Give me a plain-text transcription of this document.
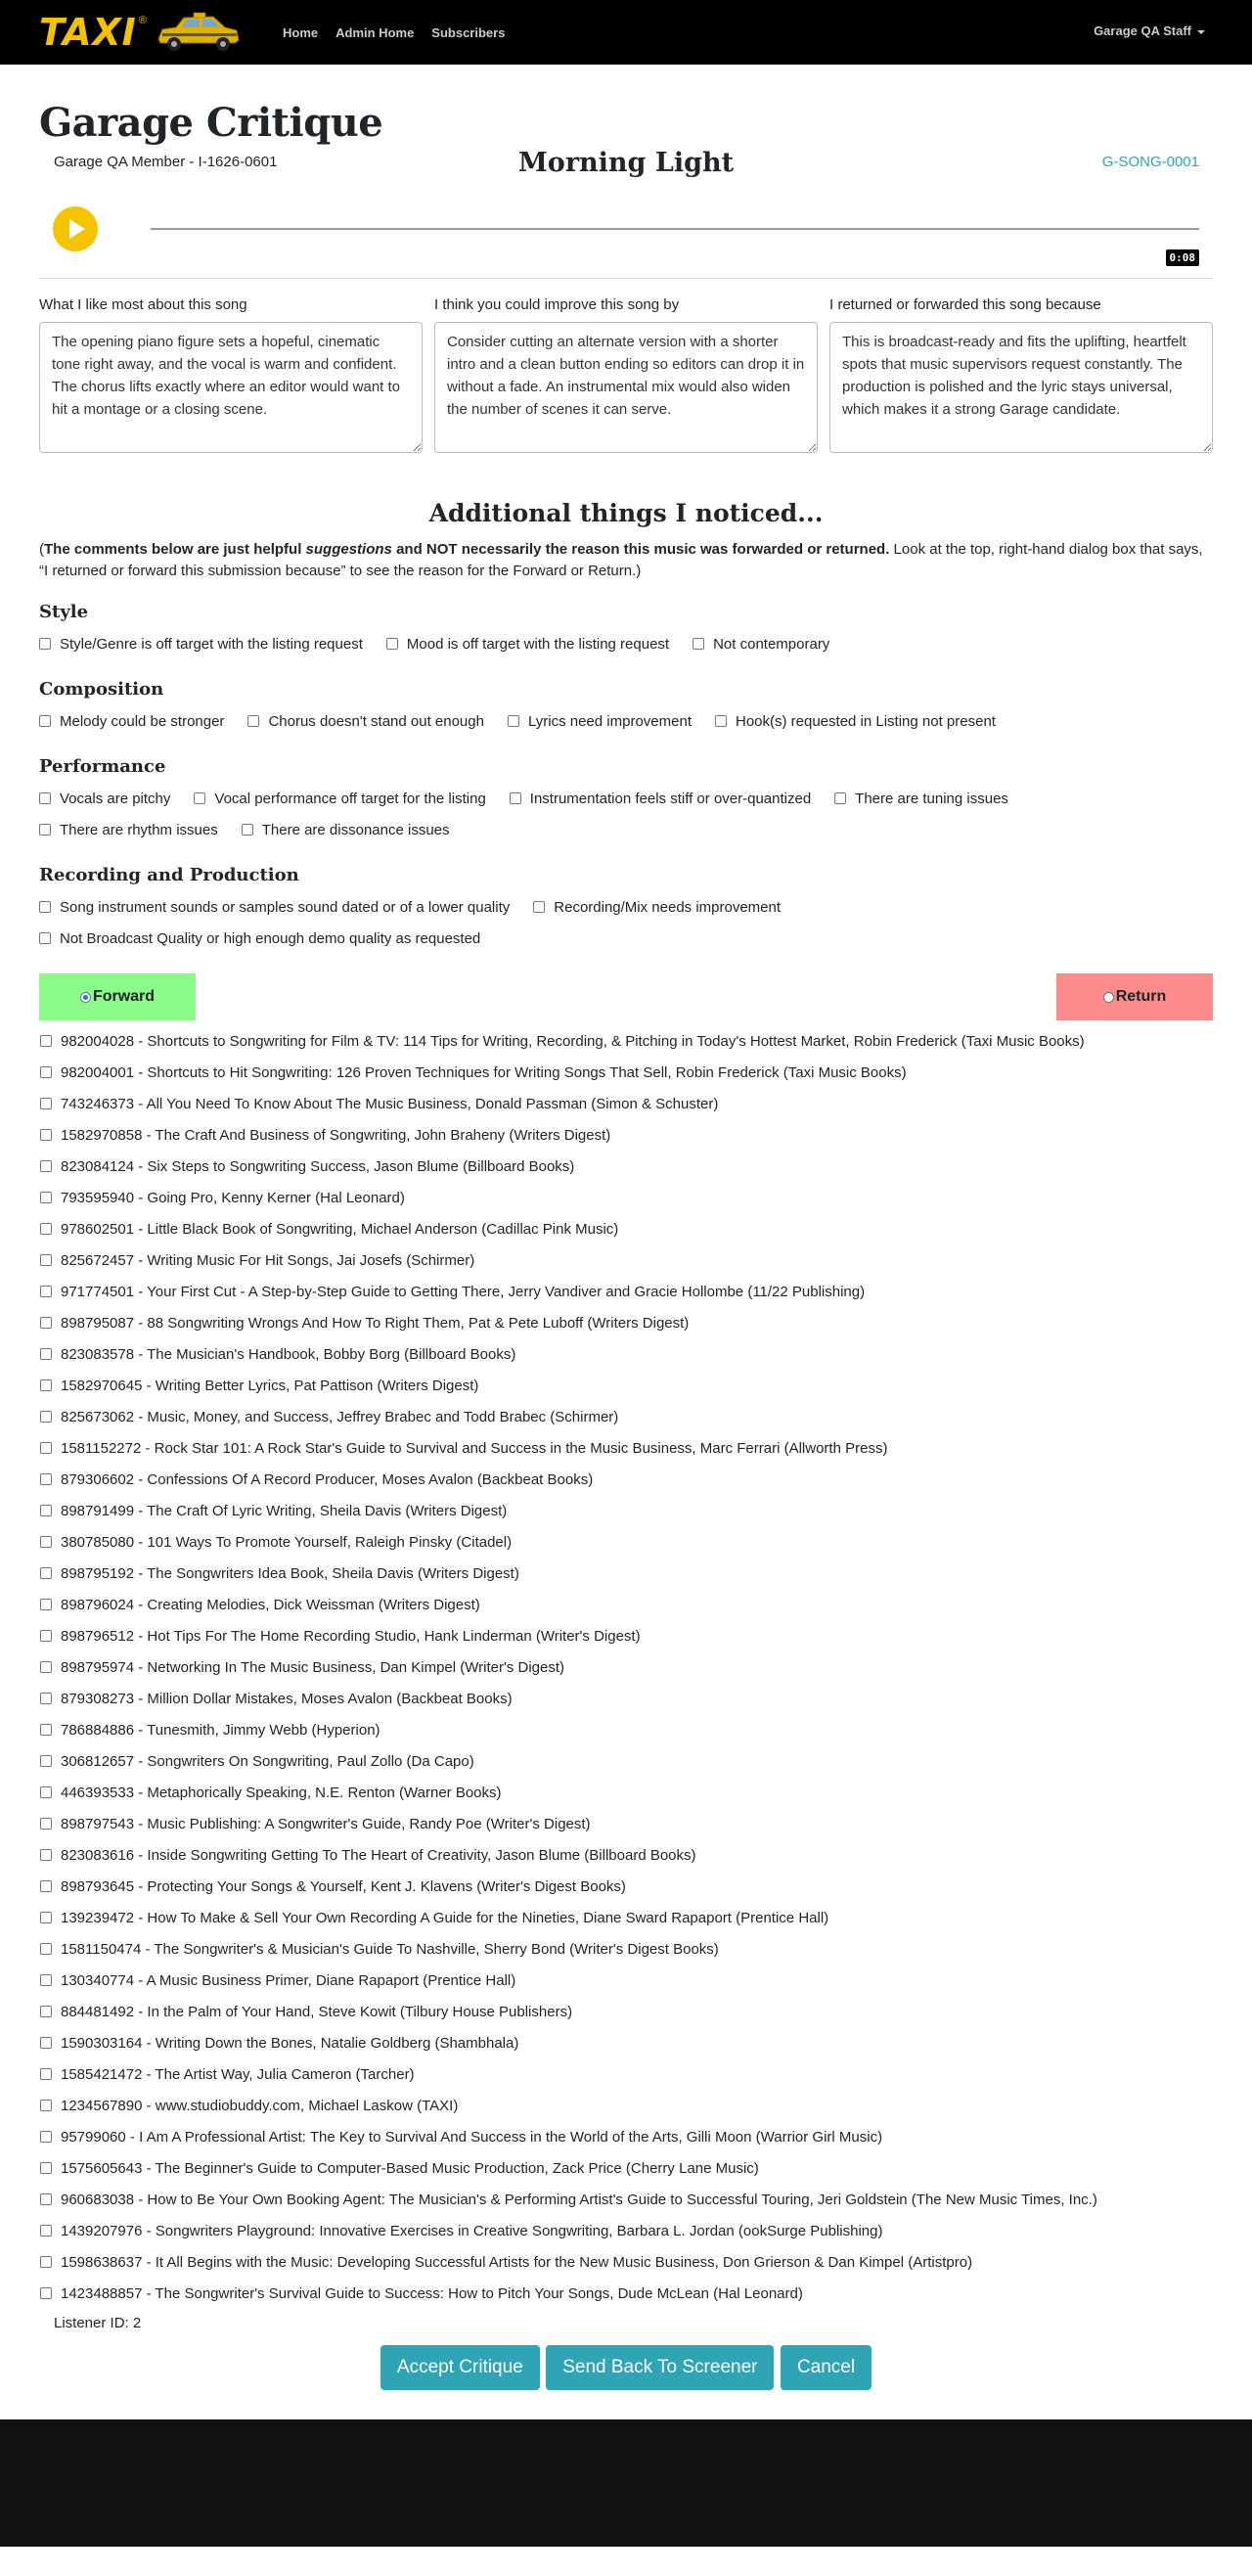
TAXI ®
Home Admin Home Subscribers	Garage QA Staff
Garage Critique
Garage QA Member - I-1626-0601	Morning Light	G-SONG-0001
0:08
What I like most about this song
The opening piano figure sets a hopeful, cinematic tone right away, and the vocal is warm and confident. The chorus lifts exactly where an editor would want to hit a montage or a closing scene.	I think you could improve this song by
Consider cutting an alternate version with a shorter intro and a clean button ending so editors can drop it in without a fade. An instrumental mix would also widen the number of scenes it can serve.	I returned or forwarded this song because
This is broadcast-ready and fits the uplifting, heartfelt spots that music supervisors request constantly. The production is polished and the lyric stays universal, which makes it a strong Garage candidate.
Additional things I noticed...

(The comments below are just helpful suggestions and NOT necessarily the reason this music was forwarded or returned. Look at the top, right-hand dialog box that says, “I returned or forward this submission because” to see the reason for the Forward or Return.)

Style
Style/Genre is off target with the listing request	Mood is off target with the listing request	Not contemporary
Composition
Melody could be stronger	Chorus doesn't stand out enough	Lyrics need improvement	Hook(s) requested in Listing not present
Performance
Vocals are pitchy	Vocal performance off target for the listing	Instrumentation feels stiff or over-quantized	There are tuning issues
There are rhythm issues	There are dissonance issues
Recording and Production
Song instrument sounds or samples sound dated or of a lower quality	Recording/Mix needs improvement
Not Broadcast Quality or high enough demo quality as requested
Forward	Return
982004028 - Shortcuts to Songwriting for Film & TV: 114 Tips for Writing, Recording, & Pitching in Today's Hottest Market, Robin Frederick (Taxi Music Books)
982004001 - Shortcuts to Hit Songwriting: 126 Proven Techniques for Writing Songs That Sell, Robin Frederick (Taxi Music Books)
743246373 - All You Need To Know About The Music Business, Donald Passman (Simon & Schuster)
1582970858 - The Craft And Business of Songwriting, John Braheny (Writers Digest)
823084124 - Six Steps to Songwriting Success, Jason Blume (Billboard Books)
793595940 - Going Pro, Kenny Kerner (Hal Leonard)
978602501 - Little Black Book of Songwriting, Michael Anderson (Cadillac Pink Music)
825672457 - Writing Music For Hit Songs, Jai Josefs (Schirmer)
971774501 - Your First Cut - A Step-by-Step Guide to Getting There, Jerry Vandiver and Gracie Hollombe (11/22 Publishing)
898795087 - 88 Songwriting Wrongs And How To Right Them, Pat & Pete Luboff (Writers Digest)
823083578 - The Musician's Handbook, Bobby Borg (Billboard Books)
1582970645 - Writing Better Lyrics, Pat Pattison (Writers Digest)
825673062 - Music, Money, and Success, Jeffrey Brabec and Todd Brabec (Schirmer)
1581152272 - Rock Star 101: A Rock Star's Guide to Survival and Success in the Music Business, Marc Ferrari (Allworth Press)
879306602 - Confessions Of A Record Producer, Moses Avalon (Backbeat Books)
898791499 - The Craft Of Lyric Writing, Sheila Davis (Writers Digest)
380785080 - 101 Ways To Promote Yourself, Raleigh Pinsky (Citadel)
898795192 - The Songwriters Idea Book, Sheila Davis (Writers Digest)
898796024 - Creating Melodies, Dick Weissman (Writers Digest)
898796512 - Hot Tips For The Home Recording Studio, Hank Linderman (Writer's Digest)
898795974 - Networking In The Music Business, Dan Kimpel (Writer's Digest)
879308273 - Million Dollar Mistakes, Moses Avalon (Backbeat Books)
786884886 - Tunesmith, Jimmy Webb (Hyperion)
306812657 - Songwriters On Songwriting, Paul Zollo (Da Capo)
446393533 - Metaphorically Speaking, N.E. Renton (Warner Books)
898797543 - Music Publishing: A Songwriter's Guide, Randy Poe (Writer's Digest)
823083616 - Inside Songwriting Getting To The Heart of Creativity, Jason Blume (Billboard Books)
898793645 - Protecting Your Songs & Yourself, Kent J. Klavens (Writer's Digest Books)
139239472 - How To Make & Sell Your Own Recording A Guide for the Nineties, Diane Sward Rapaport (Prentice Hall)
1581150474 - The Songwriter's & Musician's Guide To Nashville, Sherry Bond (Writer's Digest Books)
130340774 - A Music Business Primer, Diane Rapaport (Prentice Hall)
884481492 - In the Palm of Your Hand, Steve Kowit (Tilbury House Publishers)
1590303164 - Writing Down the Bones, Natalie Goldberg (Shambhala)
1585421472 - The Artist Way, Julia Cameron (Tarcher)
1234567890 - www.studiobuddy.com, Michael Laskow (TAXI)
95799060 - I Am A Professional Artist: The Key to Survival And Success in the World of the Arts, Gilli Moon (Warrior Girl Music)
1575605643 - The Beginner's Guide to Computer-Based Music Production, Zack Price (Cherry Lane Music)
960683038 - How to Be Your Own Booking Agent: The Musician's & Performing Artist's Guide to Successful Touring, Jeri Goldstein (The New Music Times, Inc.)
1439207976 - Songwriters Playground: Innovative Exercises in Creative Songwriting, Barbara L. Jordan (ookSurge Publishing)
1598638637 - It All Begins with the Music: Developing Successful Artists for the New Music Business, Don Grierson & Dan Kimpel (Artistpro)
1423488857 - The Songwriter's Survival Guide to Success: How to Pitch Your Songs, Dude McLean (Hal Leonard)
Listener ID: 2
Accept Critique Send Back To Screener Cancel
